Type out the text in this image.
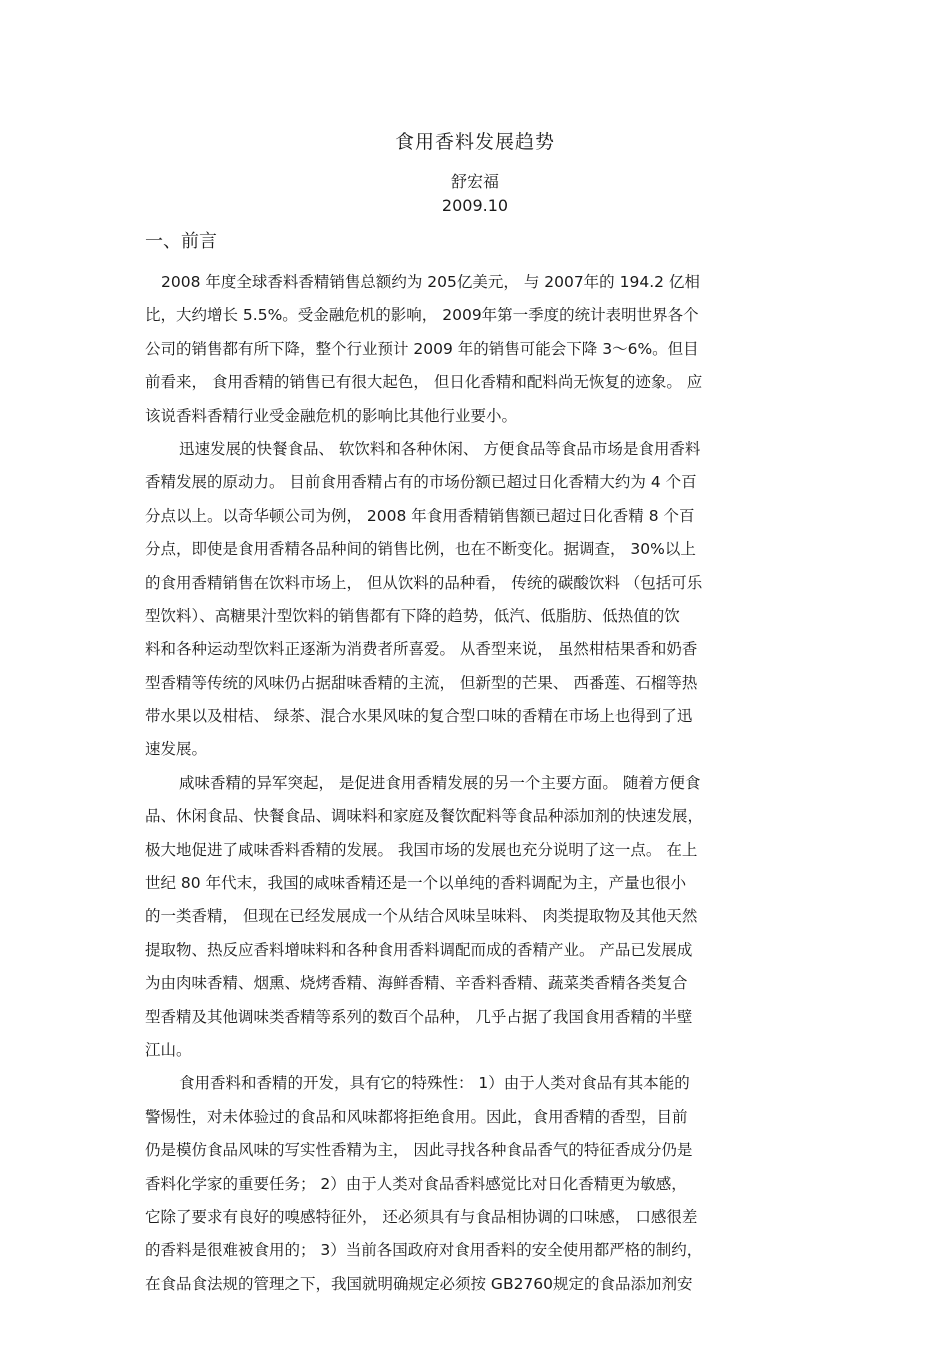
食用香料发展趋势
舒宏福
2009.10
一、前言
2008 年度全球香料香精销售总额约为 205亿美元， 与 2007年的 194.2 亿相
比，大约增长 5.5%。受金融危机的影响， 2009年第一季度的统计表明世界各个
公司的销售都有所下降，整个行业预计 2009 年的销售可能会下降 3～6%。但目
前看来， 食用香精的销售已有很大起色， 但日化香精和配料尚无恢复的迹象。 应
该说香料香精行业受金融危机的影响比其他行业要小。
迅速发展的快餐食品、 软饮料和各种休闲、 方便食品等食品市场是食用香料
香精发展的原动力。 目前食用香精占有的市场份额已超过日化香精大约为 4 个百
分点以上。以奇华顿公司为例， 2008 年食用香精销售额已超过日化香精 8 个百
分点，即使是食用香精各品种间的销售比例，也在不断变化。据调查， 30%以上
的食用香精销售在饮料市场上， 但从饮料的品种看， 传统的碳酸饮料 （包括可乐
型饮料）、高糖果汁型饮料的销售都有下降的趋势，低汽、低脂肪、低热值的饮
料和各种运动型饮料正逐渐为消费者所喜爱。 从香型来说， 虽然柑桔果香和奶香
型香精等传统的风味仍占据甜味香精的主流， 但新型的芒果、 西番莲、石榴等热
带水果以及柑桔、 绿茶、混合水果风味的复合型口味的香精在市场上也得到了迅
速发展。
咸味香精的异军突起， 是促进食用香精发展的另一个主要方面。 随着方便食
品、休闲食品、快餐食品、调味料和家庭及餐饮配料等食品种添加剂的快速发展，
极大地促进了咸味香料香精的发展。 我国市场的发展也充分说明了这一点。 在上
世纪 80 年代末，我国的咸味香精还是一个以单纯的香料调配为主，产量也很小
的一类香精， 但现在已经发展成一个从结合风味呈味料、 肉类提取物及其他天然
提取物、热反应香料增味料和各种食用香料调配而成的香精产业。 产品已发展成
为由肉味香精、烟熏、烧烤香精、海鲜香精、辛香料香精、蔬菜类香精各类复合
型香精及其他调味类香精等系列的数百个品种， 几乎占据了我国食用香精的半壁
江山。
食用香料和香精的开发，具有它的特殊性： 1）由于人类对食品有其本能的
警惕性，对未体验过的食品和风味都将拒绝食用。因此，食用香精的香型，目前
仍是模仿食品风味的写实性香精为主， 因此寻找各种食品香气的特征香成分仍是
香料化学家的重要任务； 2）由于人类对食品香料感觉比对日化香精更为敏感，
它除了要求有良好的嗅感特征外， 还必须具有与食品相协调的口味感， 口感很差
的香料是很难被食用的； 3）当前各国政府对食用香料的安全使用都严格的制约，
在食品食法规的管理之下，我国就明确规定必须按 GB2760规定的食品添加剂安
